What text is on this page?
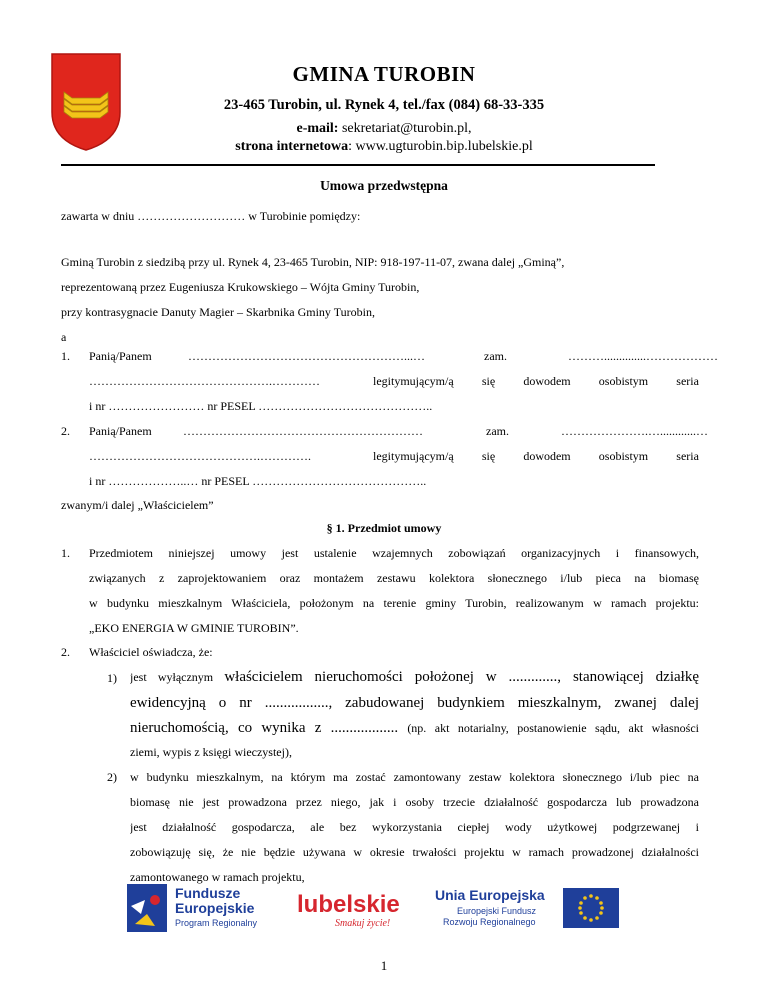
GMINA TUROBIN
23-465 Turobin, ul. Rynek 4, tel./fax (084) 68-33-335
e-mail: sekretariat@turobin.pl,
strona internetowa: www.ugturobin.bip.lubelskie.pl
Umowa przedwstępna
zawarta w dniu ……………………… w Turobinie pomiędzy:
Gminą Turobin z siedzibą przy ul. Rynek 4, 23-465 Turobin, NIP: 918-197-11-07, zwana dalej „Gminą”,
reprezentowaną przez Eugeniusza Krukowskiego – Wójta Gminy Turobin,
przy kontrasygnacie Danuty Magier – Skarbnika Gminy Turobin,
a
1. Panią/Panem	………………………………………………...…	zam.	………..............………………
……………………………………….…………	legitymującym/ą się dowodem osobistym seria
i nr …………………… nr PESEL ……………………………………..
2. Panią/Panem	……………………………………………………	zam.	………………….…............…
…………………………………….………….	legitymującym/ą się dowodem osobistym seria
i nr ………………..… nr PESEL ……………………………………..
zwanym/i dalej „Właścicielem”
§ 1. Przedmiot umowy
1. Przedmiotem niniejszej umowy jest ustalenie wzajemnych zobowiązań organizacyjnych i finansowych,
związanych z zaprojektowaniem oraz montażem zestawu kolektora słonecznego i/lub pieca na biomasę
w budynku mieszkalnym Właściciela, położonym na terenie gminy Turobin, realizowanym w ramach projektu:
„EKO ENERGIA W GMINIE TUROBIN”.
2. Właściciel oświadcza, że:
1) jest wyłącznym właścicielem nieruchomości położonej w ............., stanowiącej działkę
ewidencyjną o nr ................., zabudowanej budynkiem mieszkalnym, zwanej dalej
nieruchomością, co wynika z .................. (np. akt notarialny, postanowienie sądu, akt własności
ziemi, wypis z księgi wieczystej),
2) w budynku mieszkalnym, na którym ma zostać zamontowany zestaw kolektora słonecznego i/lub piec na
biomasę nie jest prowadzona przez niego, jak i osoby trzecie działalność gospodarcza lub prowadzona
jest działalność gospodarcza, ale bez wykorzystania ciepłej wody użytkowej podgrzewanej i
zobowiązuję się, że nie będzie używana w okresie trwałości projektu w ramach prowadzonej działalności
zamontowanego w ramach projektu,
Fundusze
Europejskie
Program Regionalny
lubelskie
Smakuj życie!
Unia Europejska
Europejski Fundusz
Rozwoju Regionalnego
1
